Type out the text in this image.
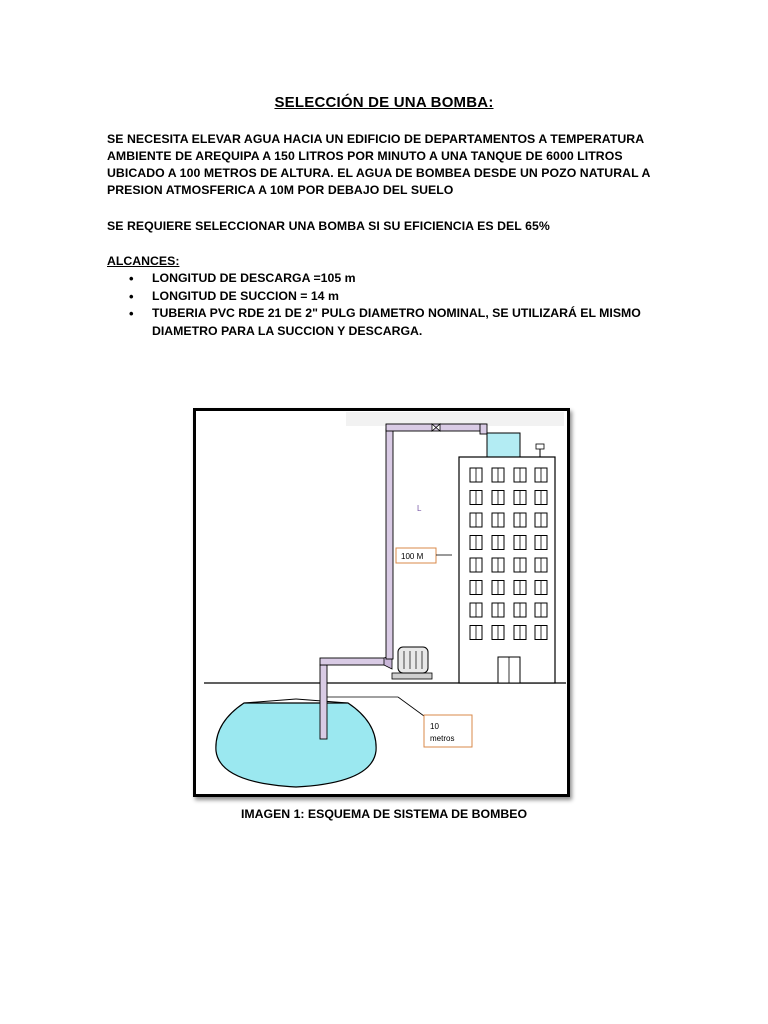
SELECCIÓN DE UNA BOMBA:
SE NECESITA ELEVAR AGUA HACIA UN EDIFICIO DE DEPARTAMENTOS A TEMPERATURA AMBIENTE DE AREQUIPA A 150 LITROS POR MINUTO A UNA TANQUE DE 6000 LITROS UBICADO A 100 METROS DE ALTURA. EL AGUA DE BOMBEA DESDE UN POZO NATURAL A PRESION ATMOSFERICA A 10M POR DEBAJO DEL SUELO
SE REQUIERE SELECCIONAR UNA BOMBA SI SU EFICIENCIA ES DEL 65%
ALCANCES:
• LONGITUD DE DESCARGA =105 m
• LONGITUD DE SUCCION = 14 m
• TUBERIA PVC RDE 21 DE 2" PULG DIAMETRO NOMINAL, SE UTILIZARÁ EL MISMO DIAMETRO PARA LA SUCCION Y DESCARGA.
100 M
L
10
metros
IMAGEN 1: ESQUEMA DE SISTEMA DE BOMBEO
